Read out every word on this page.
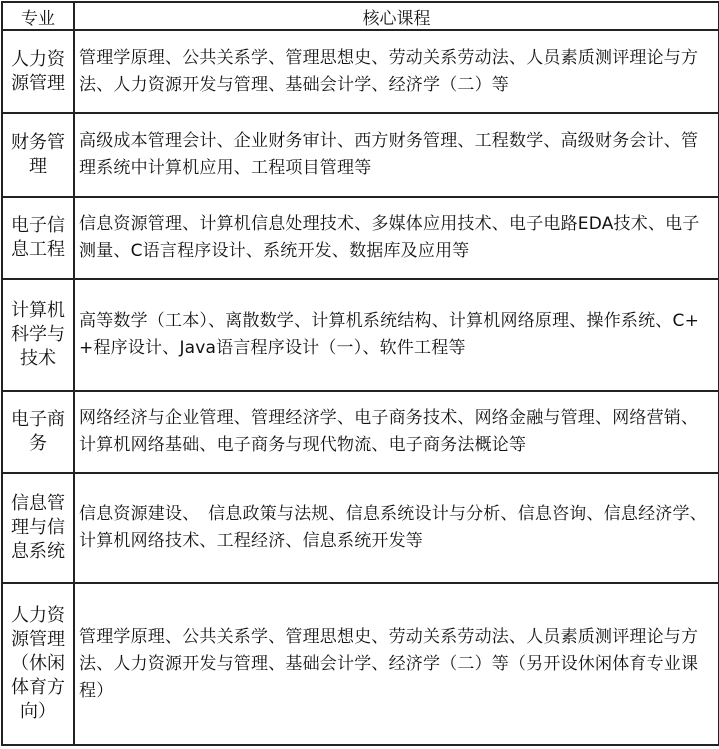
专业	核心课程
人力资源管理	管理学原理、公共关系学、管理思想史、劳动关系劳动法、人员素质测评理论与方法、人力资源开发与管理、基础会计学、经济学（二）等
财务管理	高级成本管理会计、企业财务审计、西方财务管理、工程数学、高级财务会计、管理系统中计算机应用、工程项目管理等
电子信息工程	信息资源管理、计算机信息处理技术、多媒体应用技术、电子电路EDA技术、电子测量、C语言程序设计、系统开发、数据库及应用等
计算机科学与技术	高等数学（工本）、离散数学、计算机系统结构、计算机网络原理、操作系统、C++程序设计、Java语言程序设计（一）、软件工程等
电子商务	网络经济与企业管理、管理经济学、电子商务技术、网络金融与管理、网络营销、计算机网络基础、电子商务与现代物流、电子商务法概论等
信息管理与信息系统	信息资源建设、　信息政策与法规、信息系统设计与分析、信息咨询、信息经济学、计算机网络技术、工程经济、信息系统开发等
人力资源管理（休闲体育方向）	管理学原理、公共关系学、管理思想史、劳动关系劳动法、人员素质测评理论与方法、人力资源开发与管理、基础会计学、经济学（二）等（另开设休闲体育专业课程）
